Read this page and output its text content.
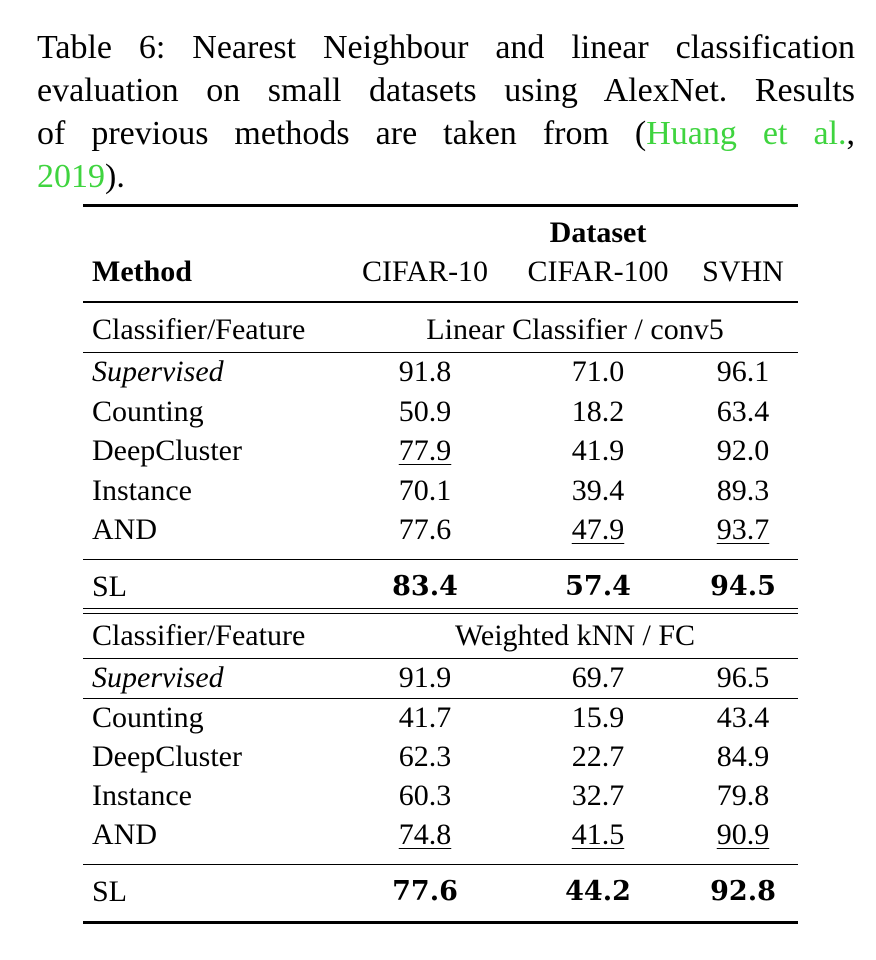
Table 6: Nearest Neighbour and linear classification
evaluation on small datasets using AlexNet. Results
of previous methods are taken from (Huang et al.,
2019).
Dataset
Method	CIFAR-10 CIFAR-100 SVHN
Classifier/Feature	Linear Classifier / conv5
Supervised	91.8	71.0	96.1
Counting	50.9	18.2	63.4
DeepCluster	77.9	41.9	92.0
Instance	70.1	39.4	89.3
AND	77.6	47.9	93.7
SL	83.4	57.4	94.5
Classifier/Feature	Weighted kNN / FC
Supervised	91.9	69.7	96.5
Counting	41.7	15.9	43.4
DeepCluster	62.3	22.7	84.9
Instance	60.3	32.7	79.8
AND	74.8	41.5	90.9
SL	77.6	44.2	92.8
